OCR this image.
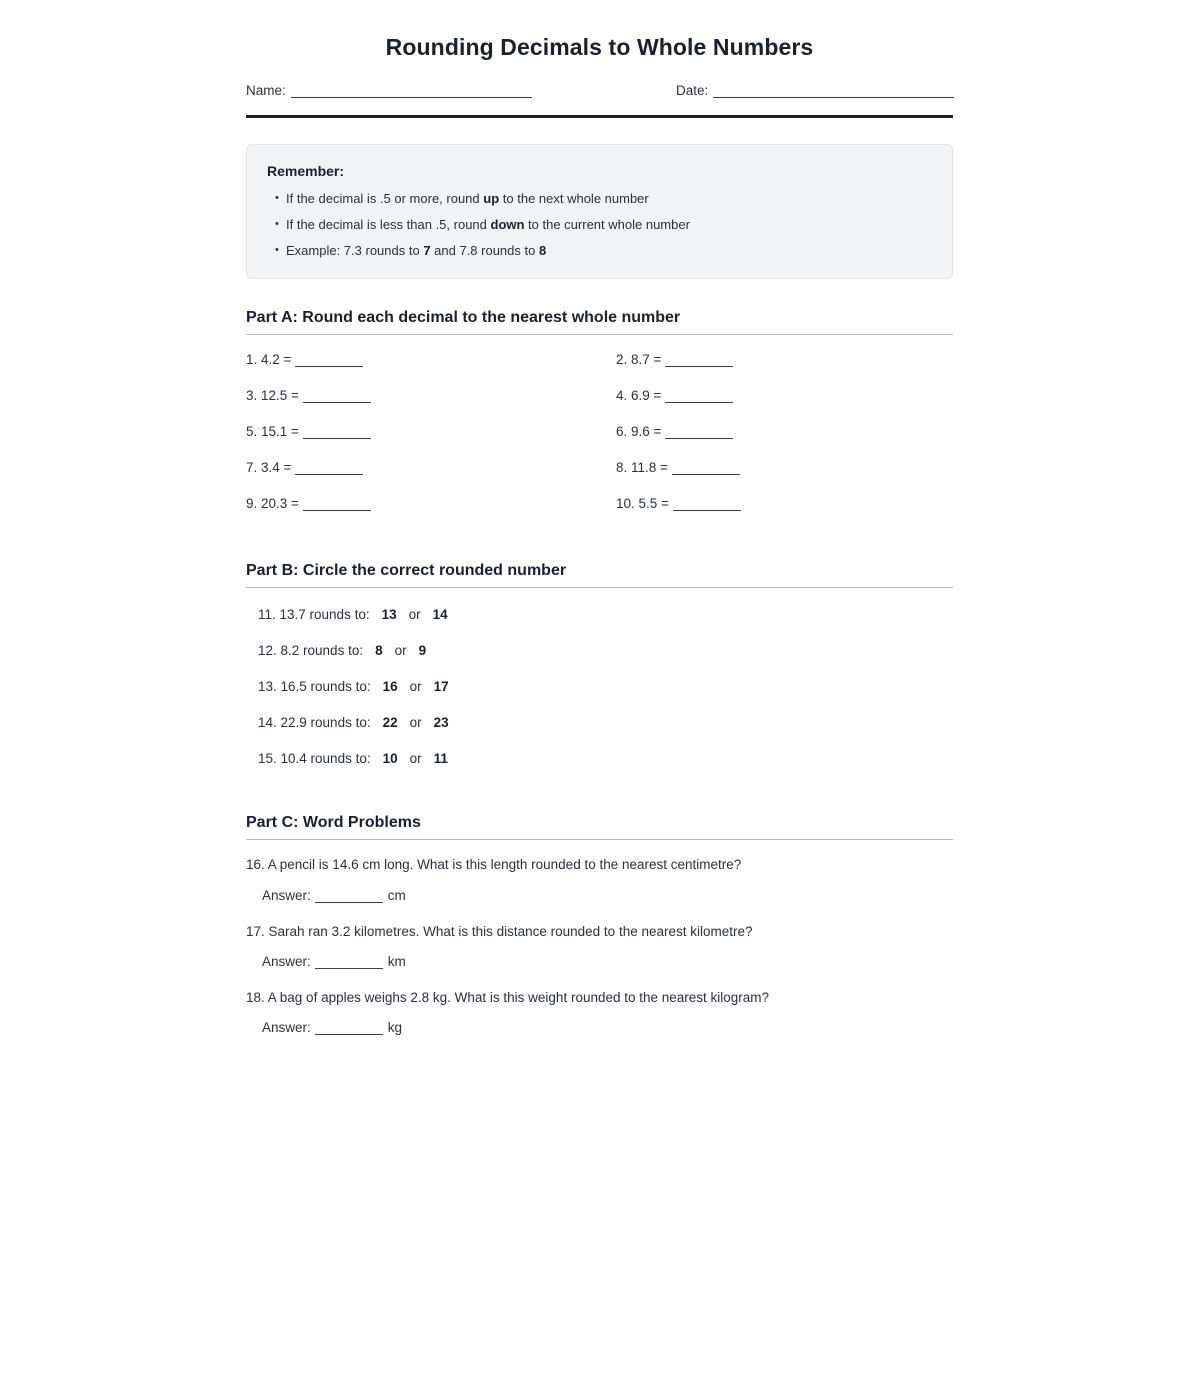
Rounding Decimals to Whole Numbers
Name:	Date:
Remember:
• If the decimal is .5 or more, round up to the next whole number
• If the decimal is less than .5, round down to the current whole number
• Example: 7.3 rounds to 7 and 7.8 rounds to 8
Part A: Round each decimal to the nearest whole number
1. 4.2 =	2. 8.7 =
3. 12.5 =	4. 6.9 =
5. 15.1 =	6. 9.6 =
7. 3.4 =	8. 11.8 =
9. 20.3 =	10. 5.5 =
Part B: Circle the correct rounded number
11. 13.7 rounds to: 13 or 14
12. 8.2 rounds to: 8 or 9
13. 16.5 rounds to: 16 or 17
14. 22.9 rounds to: 22 or 23
15. 10.4 rounds to: 10 or 11
Part C: Word Problems
16. A pencil is 14.6 cm long. What is this length rounded to the nearest centimetre?
Answer:	cm
17. Sarah ran 3.2 kilometres. What is this distance rounded to the nearest kilometre?
Answer:	km
18. A bag of apples weighs 2.8 kg. What is this weight rounded to the nearest kilogram?
Answer:	kg
